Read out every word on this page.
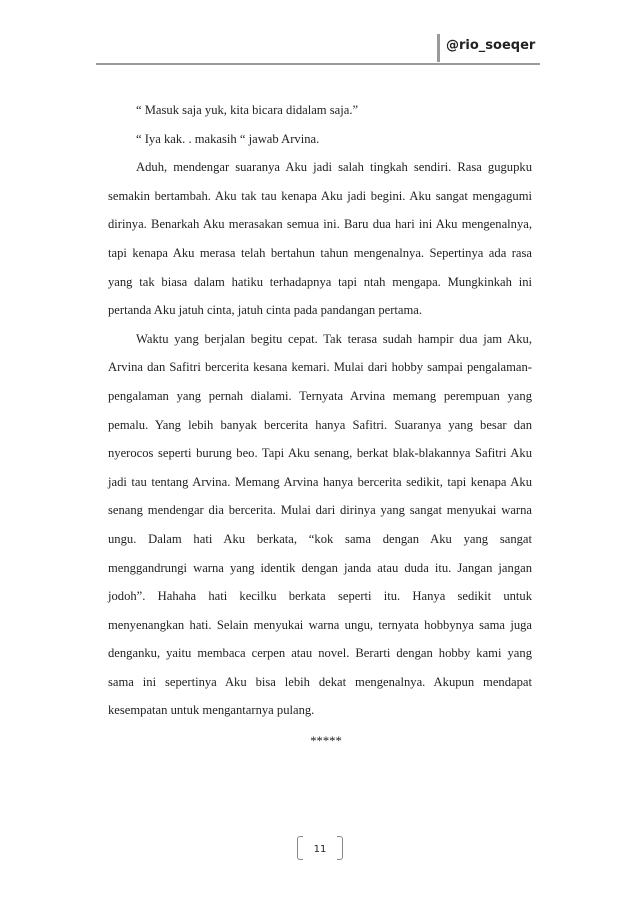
@rio_soeqer

“ Masuk saja yuk, kita bicara didalam saja.”

“ Iya kak. . makasih “ jawab Arvina.

Aduh, mendengar suaranya Aku jadi salah tingkah sendiri. Rasa gugupku

semakin bertambah. Aku tak tau kenapa Aku jadi begini. Aku sangat mengagumi

dirinya. Benarkah Aku merasakan semua ini. Baru dua hari ini Aku mengenalnya,

tapi kenapa Aku merasa telah bertahun tahun mengenalnya. Sepertinya ada rasa

yang tak biasa dalam hatiku terhadapnya tapi ntah mengapa. Mungkinkah ini

pertanda Aku jatuh cinta, jatuh cinta pada pandangan pertama.

Waktu yang berjalan begitu cepat. Tak terasa sudah hampir dua jam Aku,

Arvina dan Safitri bercerita kesana kemari. Mulai dari hobby sampai pengalaman-

pengalaman yang pernah dialami. Ternyata Arvina memang perempuan yang

pemalu. Yang lebih banyak bercerita hanya Safitri. Suaranya yang besar dan

nyerocos seperti burung beo. Tapi Aku senang, berkat blak-blakannya Safitri Aku

jadi tau tentang Arvina. Memang Arvina hanya bercerita sedikit, tapi kenapa Aku

senang mendengar dia bercerita. Mulai dari dirinya yang sangat menyukai warna

ungu. Dalam hati Aku berkata, “kok sama dengan Aku yang sangat

menggandrungi warna yang identik dengan janda atau duda itu. Jangan jangan

jodoh”. Hahaha hati kecilku berkata seperti itu. Hanya sedikit untuk

menyenangkan hati. Selain menyukai warna ungu, ternyata hobbynya sama juga

denganku, yaitu membaca cerpen atau novel. Berarti dengan hobby kami yang

sama ini sepertinya Aku bisa lebih dekat mengenalnya. Akupun mendapat

kesempatan untuk mengantarnya pulang.

*****

11
